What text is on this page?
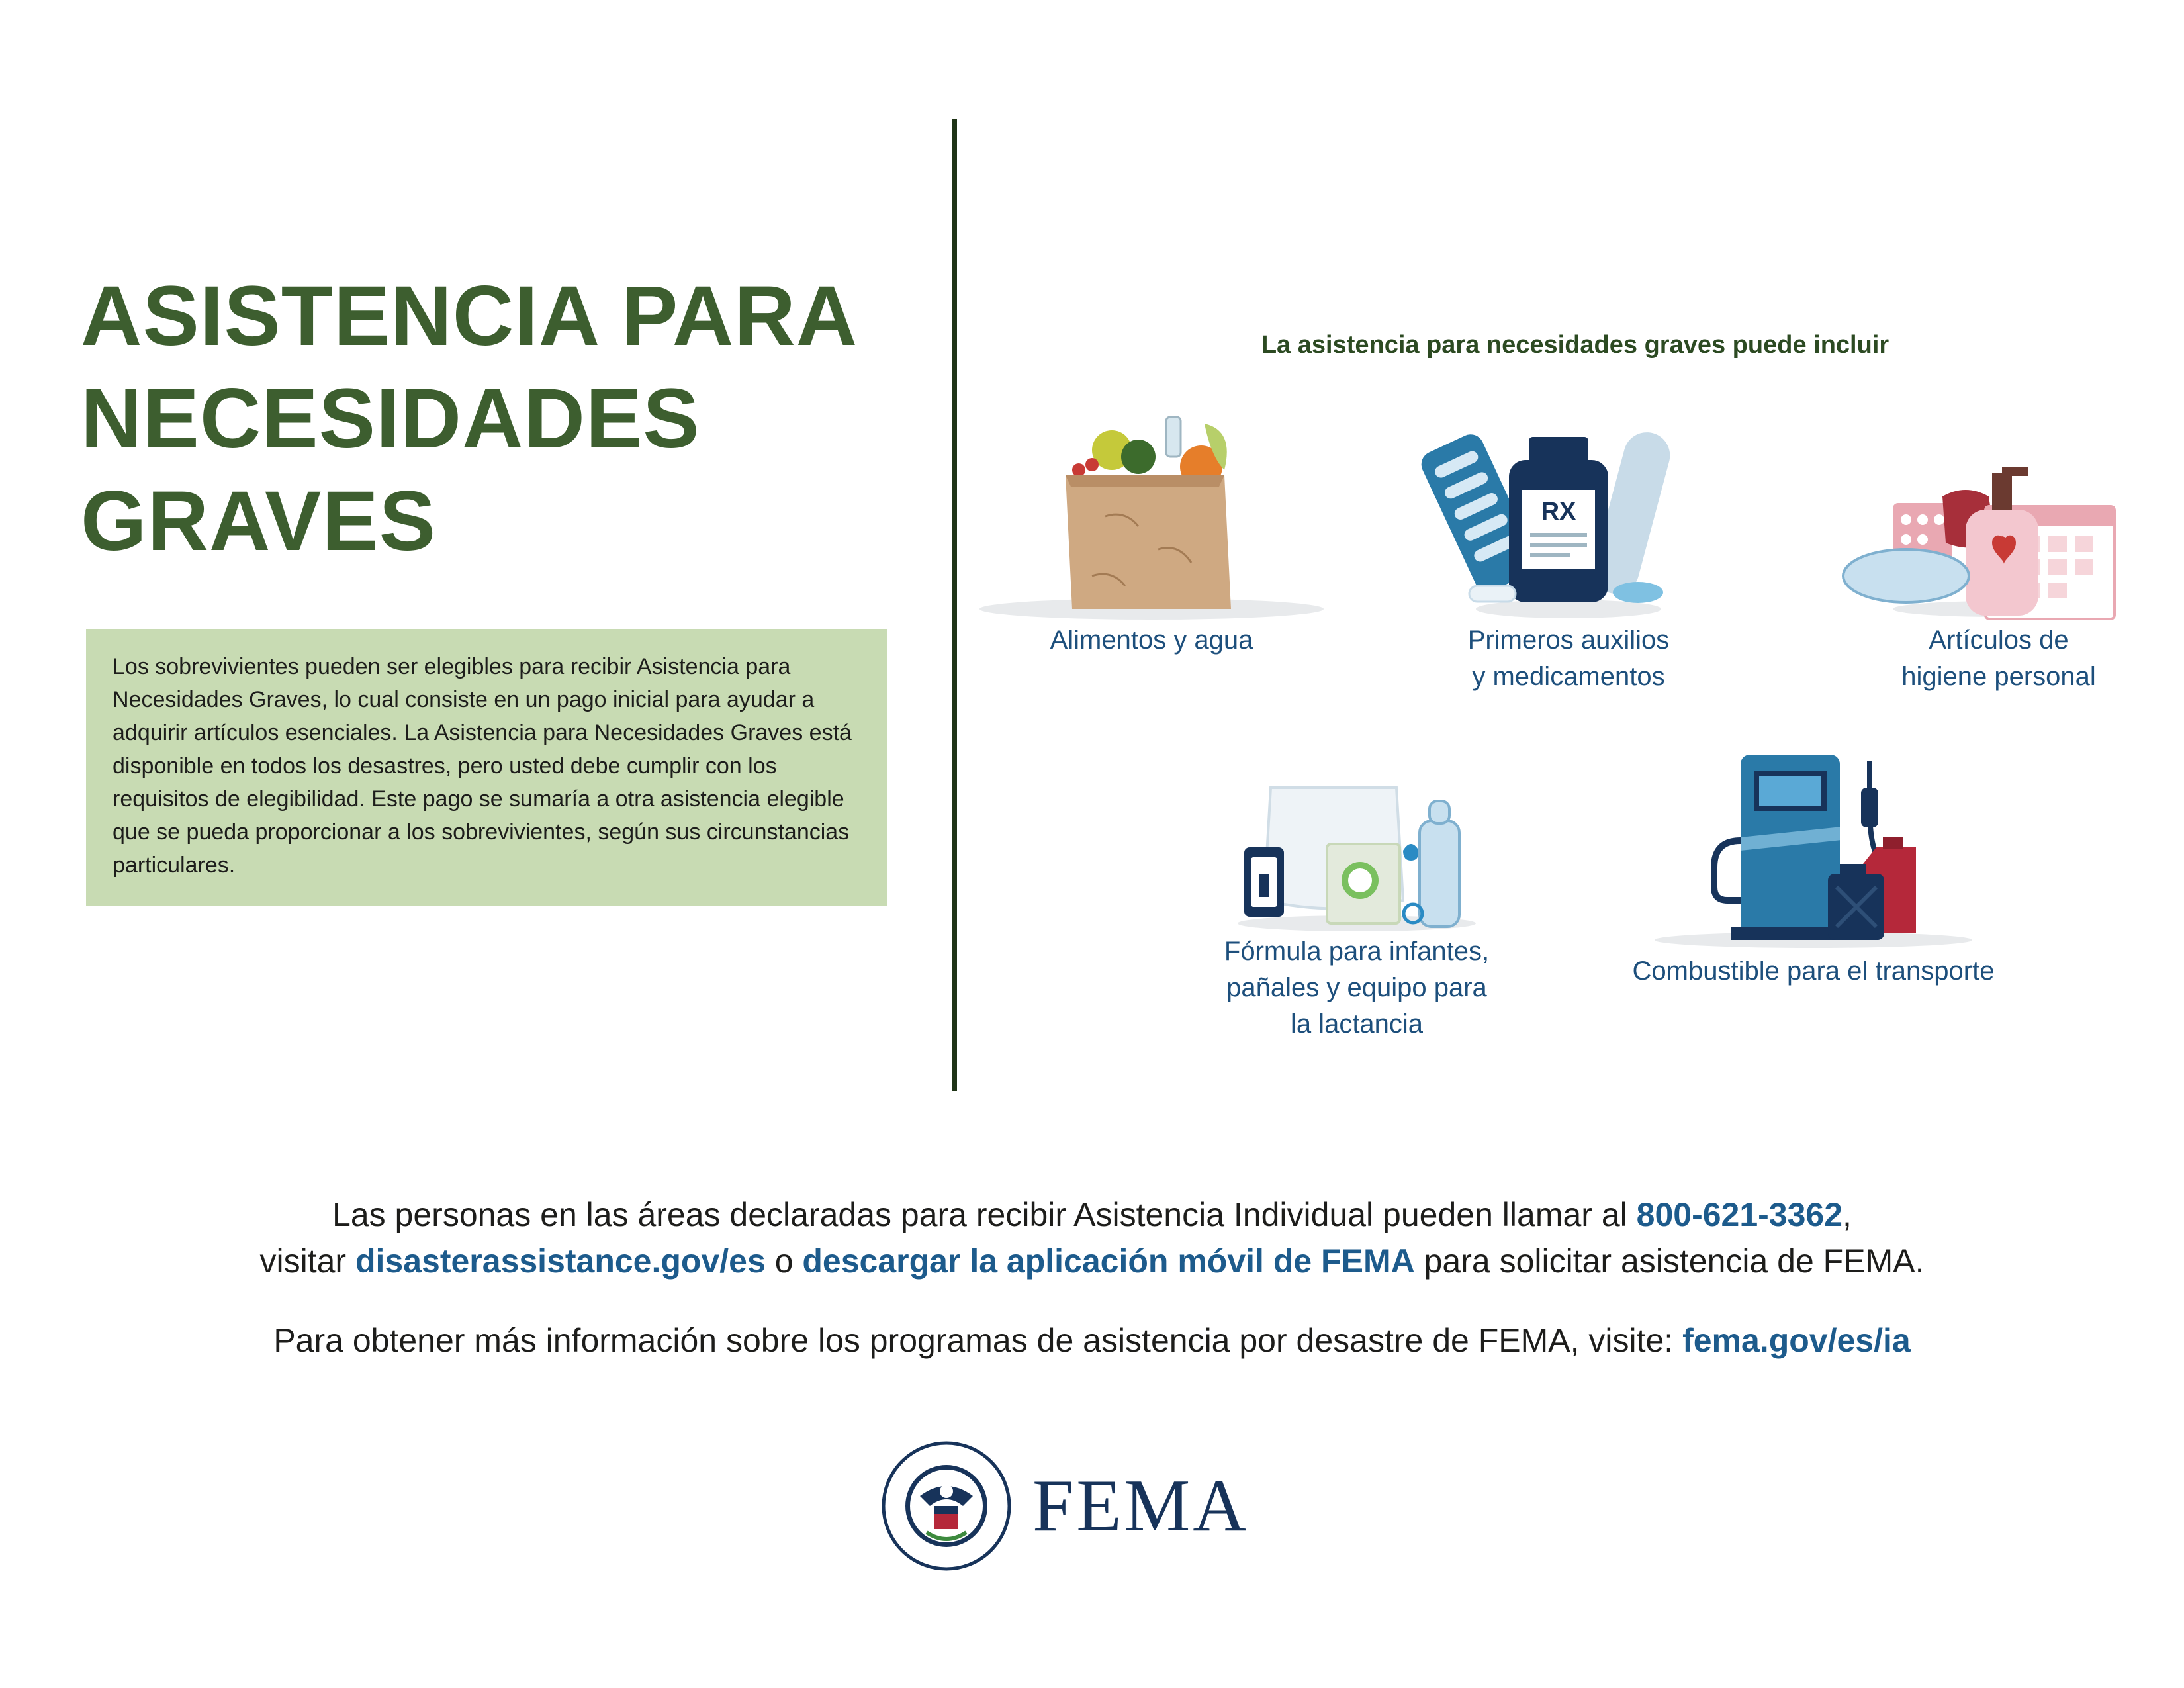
ASISTENCIA PARA
NECESIDADES
GRAVES

Los sobrevivientes pueden ser elegibles para recibir Asistencia para Necesidades Graves, lo cual consiste en un pago inicial para ayudar a adquirir artículos esenciales. La Asistencia para Necesidades Graves está disponible en todos los desastres, pero usted debe cumplir con los requisitos de elegibilidad. Este pago se sumaría a otra asistencia elegible que se pueda proporcionar a los sobrevivientes, según sus circunstancias particulares.

La asistencia para necesidades graves puede incluir
Alimentos y agua
RX
Primeros auxilios
y medicamentos
Artículos de
higiene personal
Fórmula para infantes,
pañales y equipo para
la lactancia
Combustible para el transporte
Las personas en las áreas declaradas para recibir Asistencia Individual pueden llamar al 800-621-3362,
visitar disasterassistance.gov/es o descargar la aplicación móvil de FEMA para solicitar asistencia de FEMA.
Para obtener más información sobre los programas de asistencia por desastre de FEMA, visite: fema.gov/es/ia
FEMA
